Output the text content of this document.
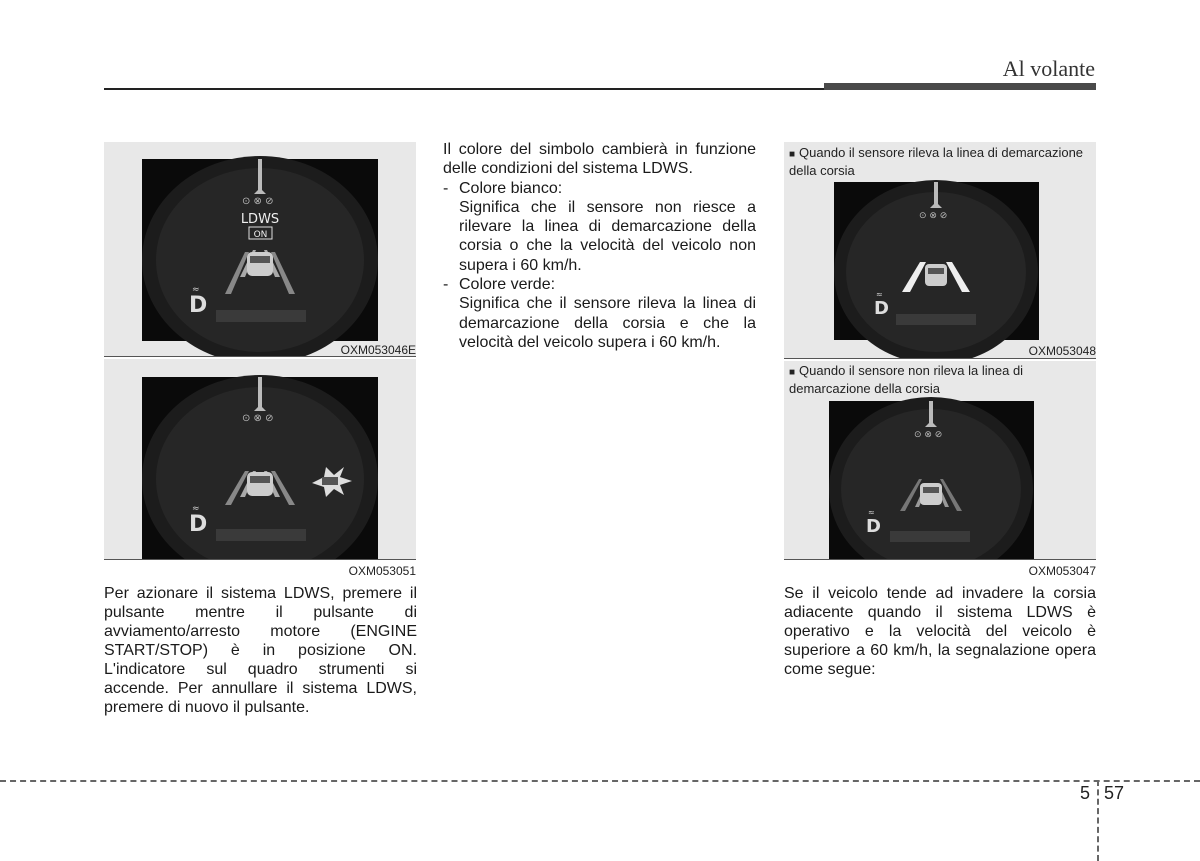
Al volante
⊙ ⊗ ⊘
LDWS
ON
D
≈
OXM053046E
⊙ ⊗ ⊘
D
≈
OXM053051
Per azionare il sistema LDWS, premere il pulsante mentre il pulsante di avviamento/arresto motore (ENGINE START/STOP) è in posizione ON. L'indicatore sul quadro strumenti si accende. Per annullare il sistema LDWS, premere di nuovo il pulsante.

Il colore del simbolo cambierà in funzione delle condizioni del sistema LDWS.

- Colore bianco:

Significa che il sensore non riesce a rilevare la linea di demarcazione della corsia o che la velocità del veicolo non supera i 60 km/h.

- Colore verde:

Significa che il sensore rileva la linea di demarcazione della corsia e che la velocità del veicolo supera i 60 km/h.

■ Quando il sensore rileva la linea di demarcazione della corsia
⊙ ⊗ ⊘
D
≈
OXM053048
■ Quando il sensore non rileva la linea di demarcazione della corsia
⊙ ⊗ ⊘
D
≈
OXM053047
Se il veicolo tende ad invadere la corsia adiacente quando il sistema LDWS è operativo e la velocità del veicolo è superiore a 60 km/h, la segnalazione opera come segue:
5 57
